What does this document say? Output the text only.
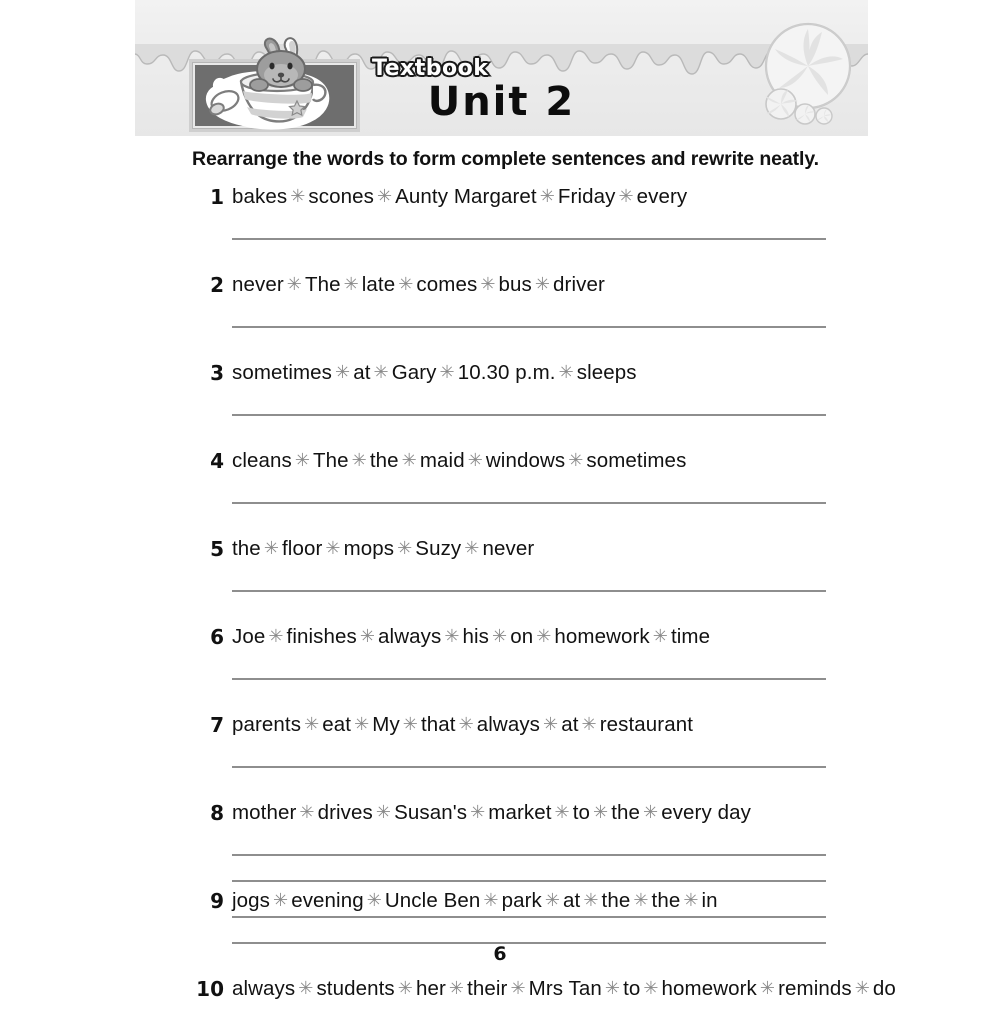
Textbook
Unit 2
Rearrange the words to form complete sentences and rewrite neatly.
1 bakes ✳ scones ✳ Aunty Margaret ✳ Friday ✳ every
2 never ✳ The ✳ late ✳ comes ✳ bus ✳ driver
3 sometimes ✳ at ✳ Gary ✳ 10.30 p.m. ✳ sleeps
4 cleans ✳ The ✳ the ✳ maid ✳ windows ✳ sometimes
5 the ✳ floor ✳ mops ✳ Suzy ✳ never
6 Joe ✳ finishes ✳ always ✳ his ✳ on ✳ homework ✳ time
7 parents ✳ eat ✳ My ✳ that ✳ always ✳ at ✳ restaurant
8 mother ✳ drives ✳ Susan's ✳ market ✳ to ✳ the ✳ every day
9 jogs ✳ evening ✳ Uncle Ben ✳ park ✳ at ✳ the ✳ the ✳ in
10 always ✳ students ✳ her ✳ their ✳ Mrs Tan ✳ to ✳ homework ✳ reminds ✳ do
6
